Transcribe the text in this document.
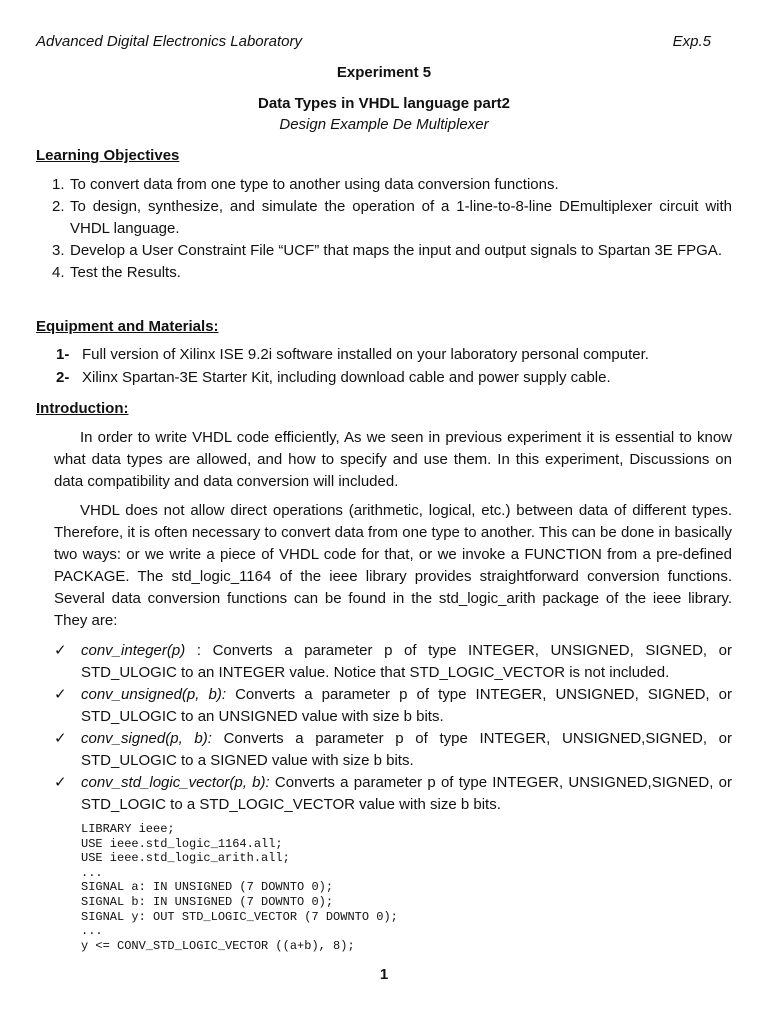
Advanced Digital Electronics Laboratory	Exp.5
Experiment 5
Data Types in VHDL language part2
Design Example De Multiplexer
Learning Objectives
1. To convert data from one type to another using data conversion functions.
2. To design, synthesize, and simulate the operation of a 1-line-to-8-line DEmultiplexer circuit with VHDL language.
3. Develop a User Constraint File “UCF” that maps the input and output signals to Spartan 3E FPGA.
4. Test the Results.
Equipment and Materials:
1- Full version of Xilinx ISE 9.2i software installed on your laboratory personal computer.
2- Xilinx Spartan-3E Starter Kit, including download cable and power supply cable.
Introduction:
In order to write VHDL code efficiently, As we seen in previous experiment it is essential to know what data types are allowed, and how to specify and use them. In this experiment, Discussions on data compatibility and data conversion will included.
VHDL does not allow direct operations (arithmetic, logical, etc.) between data of different types. Therefore, it is often necessary to convert data from one type to another. This can be done in basically two ways: or we write a piece of VHDL code for that, or we invoke a FUNCTION from a pre-defined PACKAGE. The std_logic_1164 of the ieee library provides straightforward conversion functions. Several data conversion functions can be found in the std_logic_arith package of the ieee library. They are:
✓ conv_integer(p) : Converts a parameter p of type INTEGER, UNSIGNED, SIGNED, or STD_ULOGIC to an INTEGER value. Notice that STD_LOGIC_VECTOR is not included.
✓ conv_unsigned(p, b): Converts a parameter p of type INTEGER, UNSIGNED, SIGNED, or STD_ULOGIC to an UNSIGNED value with size b bits.
✓ conv_signed(p, b): Converts a parameter p of type INTEGER, UNSIGNED,SIGNED, or STD_ULOGIC to a SIGNED value with size b bits.
✓ conv_std_logic_vector(p, b): Converts a parameter p of type INTEGER, UNSIGNED,SIGNED, or STD_LOGIC to a STD_LOGIC_VECTOR value with size b bits.
LIBRARY ieee;
USE ieee.std_logic_1164.all;
USE ieee.std_logic_arith.all;
...
SIGNAL a: IN UNSIGNED (7 DOWNTO 0);
SIGNAL b: IN UNSIGNED (7 DOWNTO 0);
SIGNAL y: OUT STD_LOGIC_VECTOR (7 DOWNTO 0);
...
y <= CONV_STD_LOGIC_VECTOR ((a+b), 8);
1
